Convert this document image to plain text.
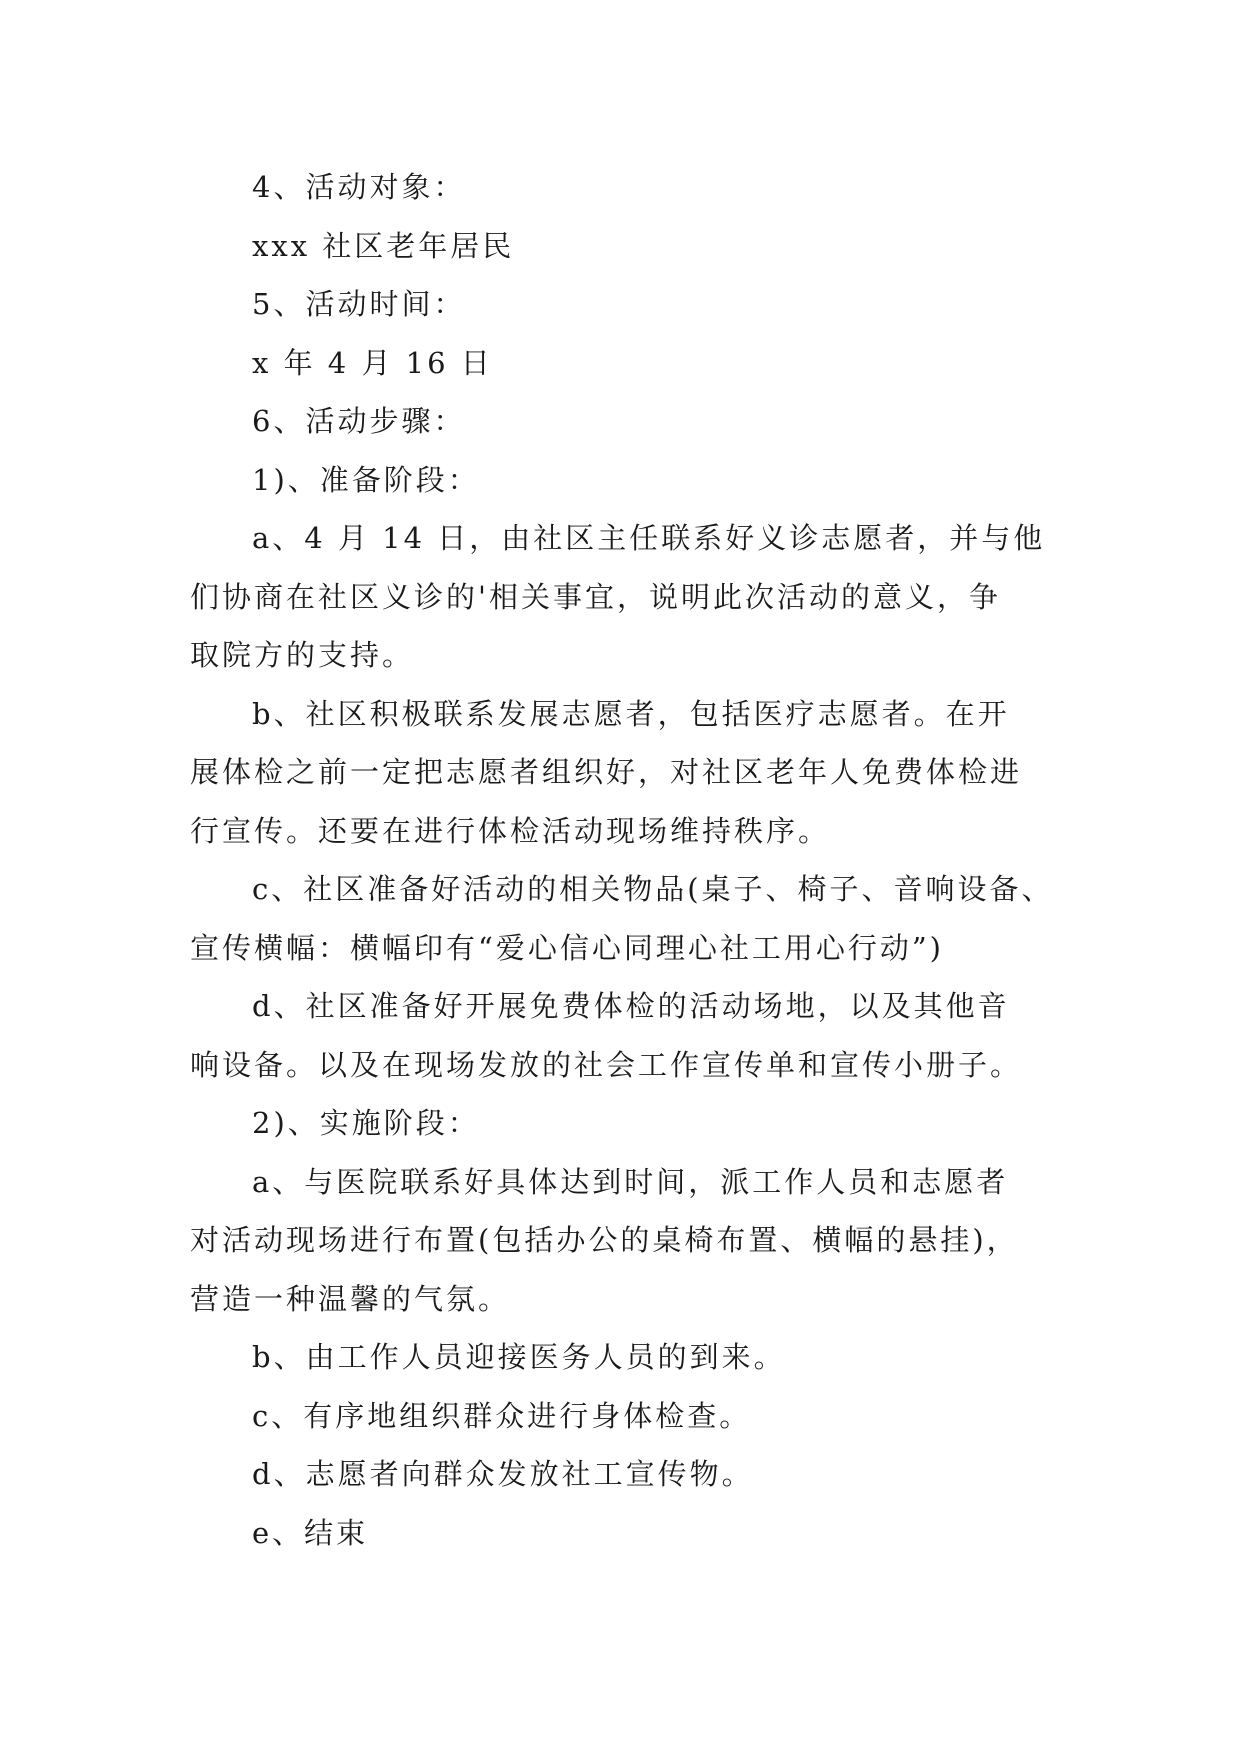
4、活动对象：

xxx 社区老年居民

5、活动时间：

x 年 4 月 16 日

6、活动步骤：

1)、准备阶段：

a、4 月 14 日，由社区主任联系好义诊志愿者，并与他

们协商在社区义诊的'相关事宜，说明此次活动的意义，争

取院方的支持。

b、社区积极联系发展志愿者，包括医疗志愿者。在开

展体检之前一定把志愿者组织好，对社区老年人免费体检进

行宣传。还要在进行体检活动现场维持秩序。

c、社区准备好活动的相关物品(桌子、椅子、音响设备、

宣传横幅：横幅印有“爱心信心同理心社工用心行动”)

d、社区准备好开展免费体检的活动场地，以及其他音

响设备。以及在现场发放的社会工作宣传单和宣传小册子。

2)、实施阶段：

a、与医院联系好具体达到时间，派工作人员和志愿者

对活动现场进行布置(包括办公的桌椅布置、横幅的悬挂)，

营造一种温馨的气氛。

b、由工作人员迎接医务人员的到来。

c、有序地组织群众进行身体检查。

d、志愿者向群众发放社工宣传物。

e、结束
